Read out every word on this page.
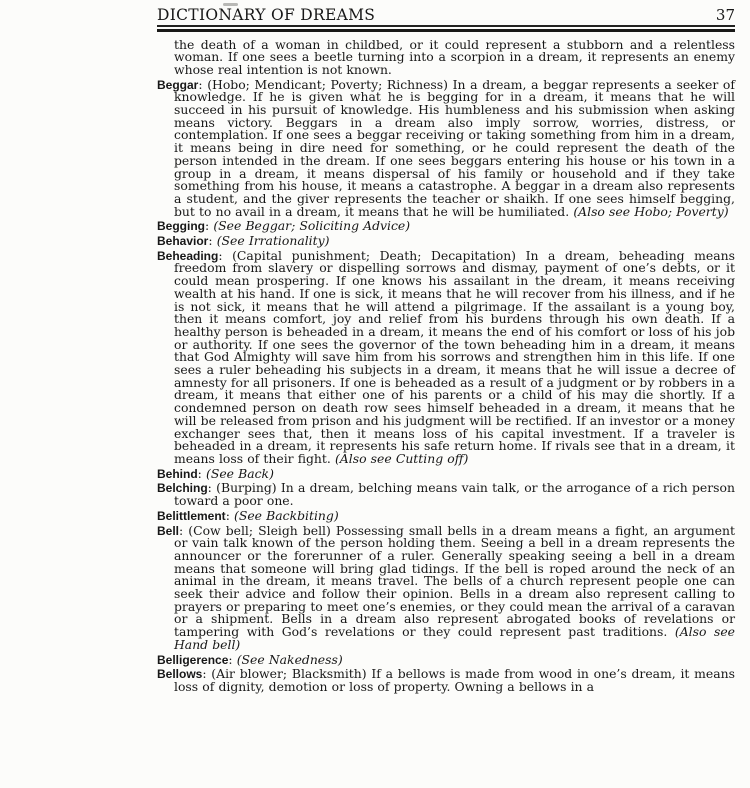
DICTIONARY OF DREAMS	37

the death of a woman in childbed, or it could represent a stubborn and a relentless woman. If one sees a beetle turning into a scorpion in a dream, it represents an enemy whose real intention is not known.

Beggar: (Hobo; Mendicant; Poverty; Richness) In a dream, a beggar represents a seeker of knowledge. If he is given what he is begging for in a dream, it means that he will succeed in his pursuit of knowledge. His humbleness and his submission when asking means victory. Beggars in a dream also imply sorrow, worries, distress, or contemplation. If one sees a beggar receiving or taking something from him in a dream, it means being in dire need for something, or he could represent the death of the person intended in the dream. If one sees beggars entering his house or his town in a group in a dream, it means dispersal of his family or household and if they take something from his house, it means a catastrophe. A beggar in a dream also represents a student, and the giver represents the teacher or shaikh. If one sees himself begging, but to no avail in a dream, it means that he will be humiliated. (Also see Hobo; Poverty)

Begging: (See Beggar; Soliciting Advice)

Behavior: (See Irrationality)

Beheading: (Capital punishment; Death; Decapitation) In a dream, beheading means freedom from slavery or dispelling sorrows and dismay, payment of one’s debts, or it could mean prospering. If one knows his assailant in the dream, it means receiving wealth at his hand. If one is sick, it means that he will recover from his illness, and if he is not sick, it means that he will attend a pilgrimage. If the assailant is a young boy, then it means comfort, joy and relief from his burdens through his own death. If a healthy person is beheaded in a dream, it means the end of his comfort or loss of his job or authority. If one sees the governor of the town beheading him in a dream, it means that God Almighty will save him from his sorrows and strengthen him in this life. If one sees a ruler beheading his subjects in a dream, it means that he will issue a decree of amnesty for all prisoners. If one is beheaded as a result of a judgment or by robbers in a dream, it means that either one of his parents or a child of his may die shortly. If a condemned person on death row sees himself beheaded in a dream, it means that he will be released from prison and his judgment will be rectified. If an investor or a money exchanger sees that, then it means loss of his capital investment. If a traveler is beheaded in a dream, it represents his safe return home. If rivals see that in a dream, it means loss of their fight. (Also see Cutting off)

Behind: (See Back)

Belching: (Burping) In a dream, belching means vain talk, or the arrogance of a rich person toward a poor one.

Belittlement: (See Backbiting)

Bell: (Cow bell; Sleigh bell) Possessing small bells in a dream means a fight, an argument or vain talk known of the person holding them. Seeing a bell in a dream represents the announcer or the forerunner of a ruler. Generally speaking seeing a bell in a dream means that someone will bring glad tidings. If the bell is roped around the neck of an animal in the dream, it means travel. The bells of a church represent people one can seek their advice and follow their opinion. Bells in a dream also represent calling to prayers or preparing to meet one’s enemies, or they could mean the arrival of a caravan or a shipment. Bells in a dream also represent abrogated books of revelations or tampering with God’s revelations or they could represent past traditions. (Also see Hand bell)

Belligerence: (See Nakedness)

Bellows: (Air blower; Blacksmith) If a bellows is made from wood in one’s dream, it means loss of dignity, demotion or loss of property. Owning a bellows in a
